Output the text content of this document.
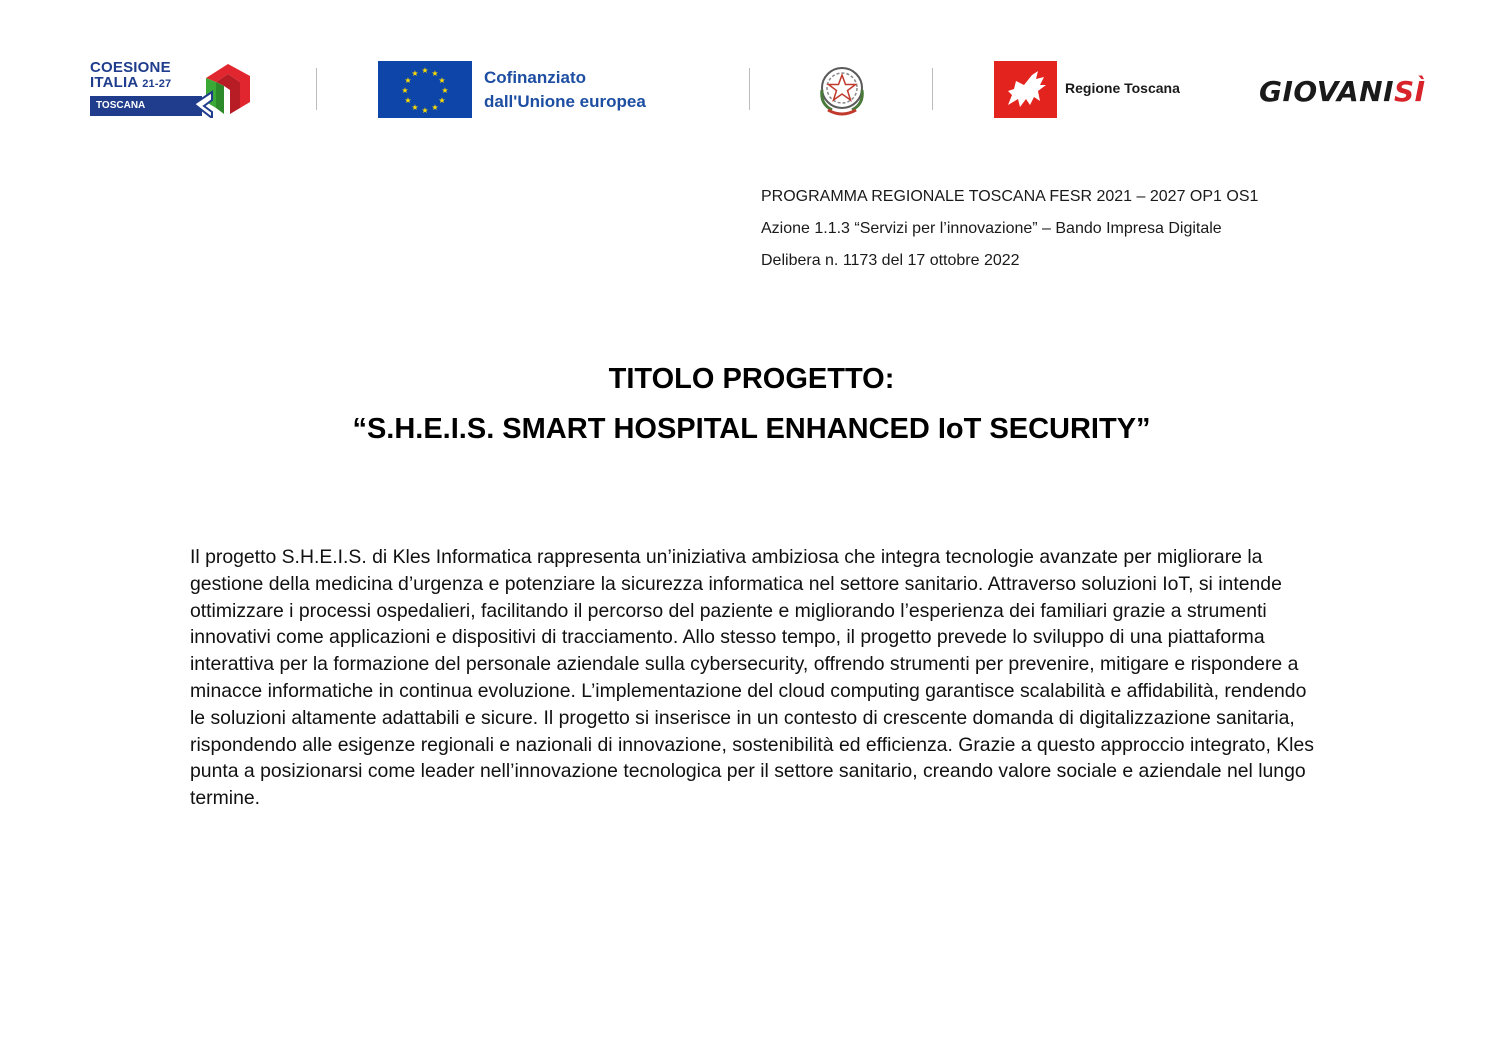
COESIONE
ITALIA 21-27
TOSCANA
★ ★
★
★
★
★
★
★
★
★
★
★	Cofinanziato
dall'Unione europea
Regione Toscana	GIOVANISÌ
PROGRAMMA REGIONALE TOSCANA FESR 2021 – 2027 OP1 OS1
Azione 1.1.3 “Servizi per l’innovazione” – Bando Impresa Digitale
Delibera n. 1173 del 17 ottobre 2022
TITOLO PROGETTO:
“S.H.E.I.S. SMART HOSPITAL ENHANCED IoT SECURITY”

Il progetto S.H.E.I.S. di Kles Informatica rappresenta un’iniziativa ambiziosa che integra tecnologie avanzate per migliorare la gestione della medicina d’urgenza e potenziare la sicurezza informatica nel settore sanitario. Attraverso soluzioni IoT, si intende ottimizzare i processi ospedalieri, facilitando il percorso del paziente e migliorando l’esperienza dei familiari grazie a strumenti innovativi come applicazioni e dispositivi di tracciamento. Allo stesso tempo, il progetto prevede lo sviluppo di una piattaforma interattiva per la formazione del personale aziendale sulla cybersecurity, offrendo strumenti per prevenire, mitigare e rispondere a minacce informatiche in continua evoluzione. L’implementazione del cloud computing garantisce scalabilità e affidabilità, rendendo le soluzioni altamente adattabili e sicure. Il progetto si inserisce in un contesto di crescente domanda di digitalizzazione sanitaria, rispondendo alle esigenze regionali e nazionali di innovazione, sostenibilità ed efficienza. Grazie a questo approccio integrato, Kles punta a posizionarsi come leader nell’innovazione tecnologica per il settore sanitario, creando valore sociale e aziendale nel lungo termine.
